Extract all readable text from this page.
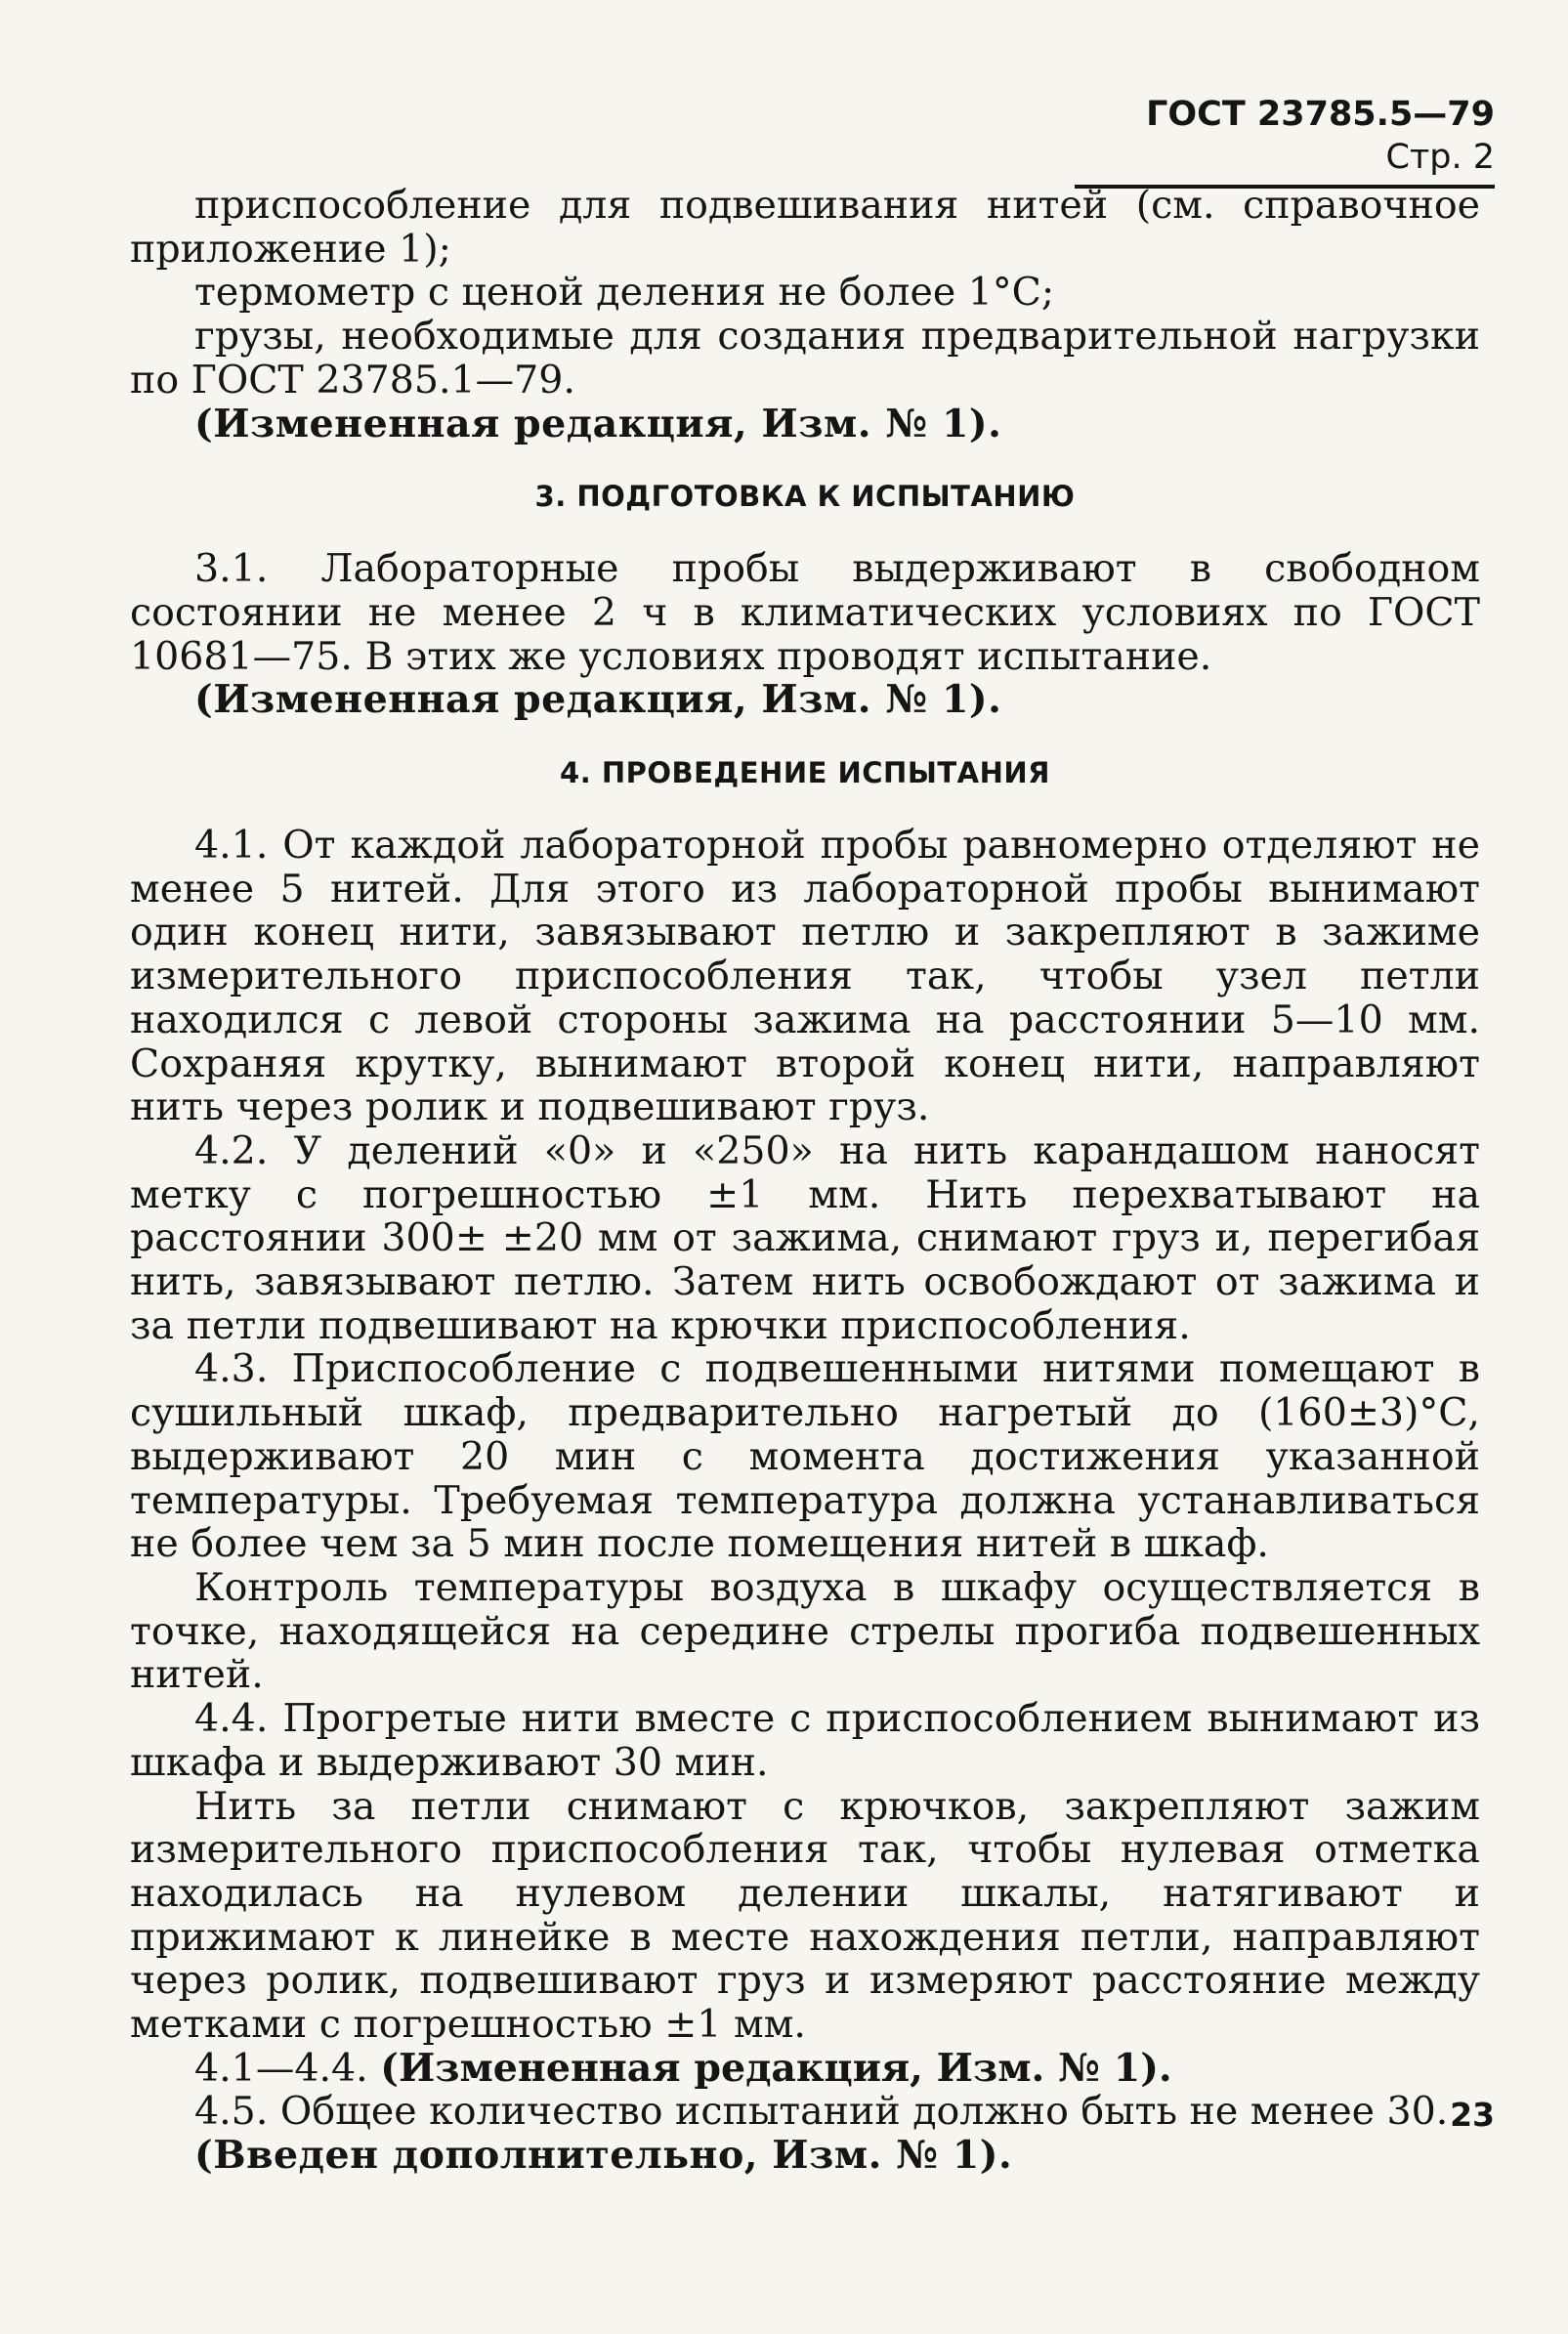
ГОСТ 23785.5—79 Стр. 2

приспособление для подвешивания нитей (см. справочное приложение 1);

термометр с ценой деления не более 1°С;

грузы, необходимые для создания предварительной нагрузки по ГОСТ 23785.1—79.

(Измененная редакция, Изм. № 1).

3. ПОДГОТОВКА К ИСПЫТАНИЮ

3.1. Лабораторные пробы выдерживают в свободном состоянии не менее 2 ч в климатических условиях по ГОСТ 10681—75. В этих же условиях проводят испытание.

(Измененная редакция, Изм. № 1).

4. ПРОВЕДЕНИЕ ИСПЫТАНИЯ

4.1. От каждой лабораторной пробы равномерно отделяют не менее 5 нитей. Для этого из лабораторной пробы вынимают один конец нити, завязывают петлю и закрепляют в зажиме измерительного приспособления так, чтобы узел петли находился с левой стороны зажима на расстоянии 5—10 мм. Сохраняя крутку, вынимают второй конец нити, направляют нить через ролик и подвешивают груз.

4.2. У делений «0» и «250» на нить карандашом наносят метку с погрешностью ±1 мм. Нить перехватывают на расстоянии 300± ±20 мм от зажима, снимают груз и, перегибая нить, завязывают петлю. Затем нить освобождают от зажима и за петли подвешивают на крючки приспособления.

4.3. Приспособление с подвешенными нитями помещают в сушильный шкаф, предварительно нагретый до (160±3)°С, выдерживают 20 мин с момента достижения указанной температуры. Требуемая температура должна устанавливаться не более чем за 5 мин после помещения нитей в шкаф.

Контроль температуры воздуха в шкафу осуществляется в точке, находящейся на середине стрелы прогиба подвешенных нитей.

4.4. Прогретые нити вместе с приспособлением вынимают из шкафа и выдерживают 30 мин.

Нить за петли снимают с крючков, закрепляют зажим измерительного приспособления так, чтобы нулевая отметка находилась на нулевом делении шкалы, натягивают и прижимают к линейке в месте нахождения петли, направляют через ролик, подвешивают груз и измеряют расстояние между метками с погрешностью ±1 мм.

4.1—4.4. (Измененная редакция, Изм. № 1).

4.5. Общее количество испытаний должно быть не менее 30.

(Введен дополнительно, Изм. № 1).

23
